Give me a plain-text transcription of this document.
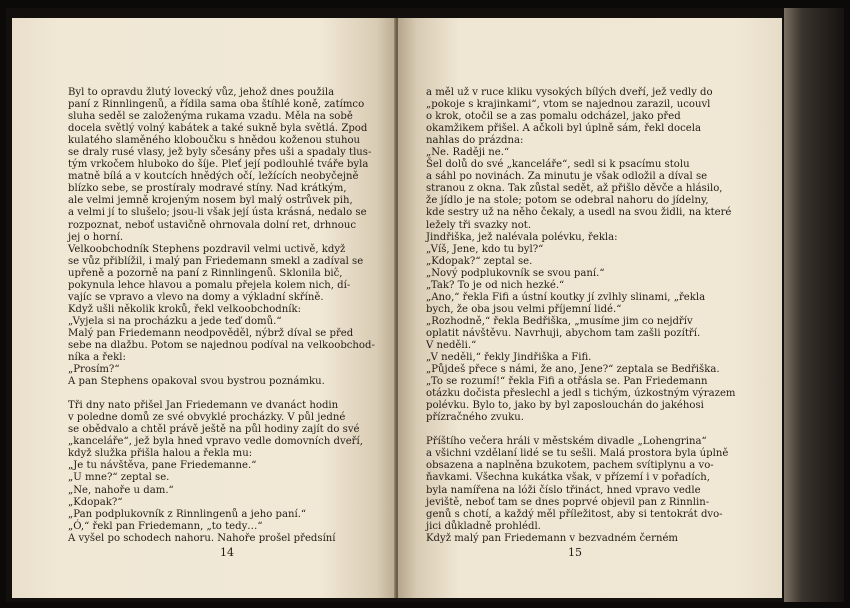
Byl to opravdu žlutý lovecký vůz, jehož dnes použila
paní z Rinnlingenů, a řídila sama oba štíhlé koně, zatímco
sluha seděl se založenýma rukama vzadu. Měla na sobě
docela světlý volný kabátek a také sukně byla světlá. Zpod
kulatého slaměného kloboučku s hnědou koženou stuhou
se draly rusé vlasy, jež byly sčesány přes uši a spadaly tlus-
tým vrkočem hluboko do šíje. Pleť její podlouhlé tváře byla
matně bílá a v koutcích hnědých očí, ležících neobyčejně
blízko sebe, se prostíraly modravé stíny. Nad krátkým,
ale velmi jemně krojeným nosem byl malý ostrůvek pih,
a velmi jí to slušelo; jsou-li však její ústa krásná, nedalo se
rozpoznat, neboť ustavičně ohrnovala dolní ret, drhnouc
jej o horní.
Velkoobchodník Stephens pozdravil velmi uctivě, když
se vůz přiblížil, i malý pan Friedemann smekl a zadíval se
upřeně a pozorně na paní z Rinnlingenů. Sklonila bič,
pokynula lehce hlavou a pomalu přejela kolem nich, dí-
vajíc se vpravo a vlevo na domy a výkladní skříně.
Když ušli několik kroků, řekl velkoobchodník:
„Vyjela si na procházku a jede teď domů.“
Malý pan Friedemann neodpověděl, nýbrž díval se před
sebe na dlažbu. Potom se najednou podíval na velkoobchod-
níka a řekl:
„Prosím?“
A pan Stephens opakoval svou bystrou poznámku.
Tři dny nato přišel Jan Friedemann ve dvanáct hodin
v poledne domů ze své obvyklé procházky. V půl jedné
se obědvalo a chtěl právě ještě na půl hodiny zajít do své
„kanceláře“, jež byla hned vpravo vedle domovních dveří,
když služka přišla halou a řekla mu:
„Je tu návštěva, pane Friedemanne.“
„U mne?“ zeptal se.
„Ne, nahoře u dam.“
„Kdopak?“
„Pan podplukovník z Rinnlingenů a jeho paní.“
„Ó,“ řekl pan Friedemann, „to tedy…“
A vyšel po schodech nahoru. Nahoře prošel předsíní
14
a měl už v ruce kliku vysokých bílých dveří, jež vedly do
„pokoje s krajinkami“, vtom se najednou zarazil, ucouvl
o krok, otočil se a zas pomalu odcházel, jako před
okamžikem přišel. A ačkoli byl úplně sám, řekl docela
nahlas do prázdna:
„Ne. Raději ne.“
Šel dolů do své „kanceláře“, sedl si k psacímu stolu
a sáhl po novinách. Za minutu je však odložil a díval se
stranou z okna. Tak zůstal sedět, až přišlo děvče a hlásilo,
že jídlo je na stole; potom se odebral nahoru do jídelny,
kde sestry už na něho čekaly, a usedl na svou židli, na které
ležely tři svazky not.
Jindřiška, jež nalévala polévku, řekla:
„Víš, Jene, kdo tu byl?“
„Kdopak?“ zeptal se.
„Nový podplukovník se svou paní.“
„Tak? To je od nich hezké.“
„Ano,“ řekla Fifi a ústní koutky jí zvlhly slinami, „řekla
bych, že oba jsou velmi příjemní lidé.“
„Rozhodně,“ řekla Bedřiška, „musíme jim co nejdřív
oplatit návštěvu. Navrhuji, abychom tam zašli pozítří.
V neděli.“
„V neděli,“ řekly Jindřiška a Fifi.
„Půjdeš přece s námi, že ano, Jene?“ zeptala se Bedřiška.
„To se rozumí!“ řekla Fifi a otřásla se. Pan Friedemann
otázku dočista přeslechl a jedl s tichým, úzkostným výrazem
polévku. Bylo to, jako by byl zaposlouchán do jakéhosi
přízračného zvuku.
Příštího večera hráli v městském divadle „Lohengrina“
a všichni vzdělaní lidé se tu sešli. Malá prostora byla úplně
obsazena a naplněna bzukotem, pachem svítiplynu a vo-
ňavkami. Všechna kukátka však, v přízemí i v pořadích,
byla namířena na lóži číslo třináct, hned vpravo vedle
jeviště, neboť tam se dnes poprvé objevil pan z Rinnlin-
genů s chotí, a každý měl příležitost, aby si tentokrát dvo-
jici důkladně prohlédl.
Když malý pan Friedemann v bezvadném černém
15
